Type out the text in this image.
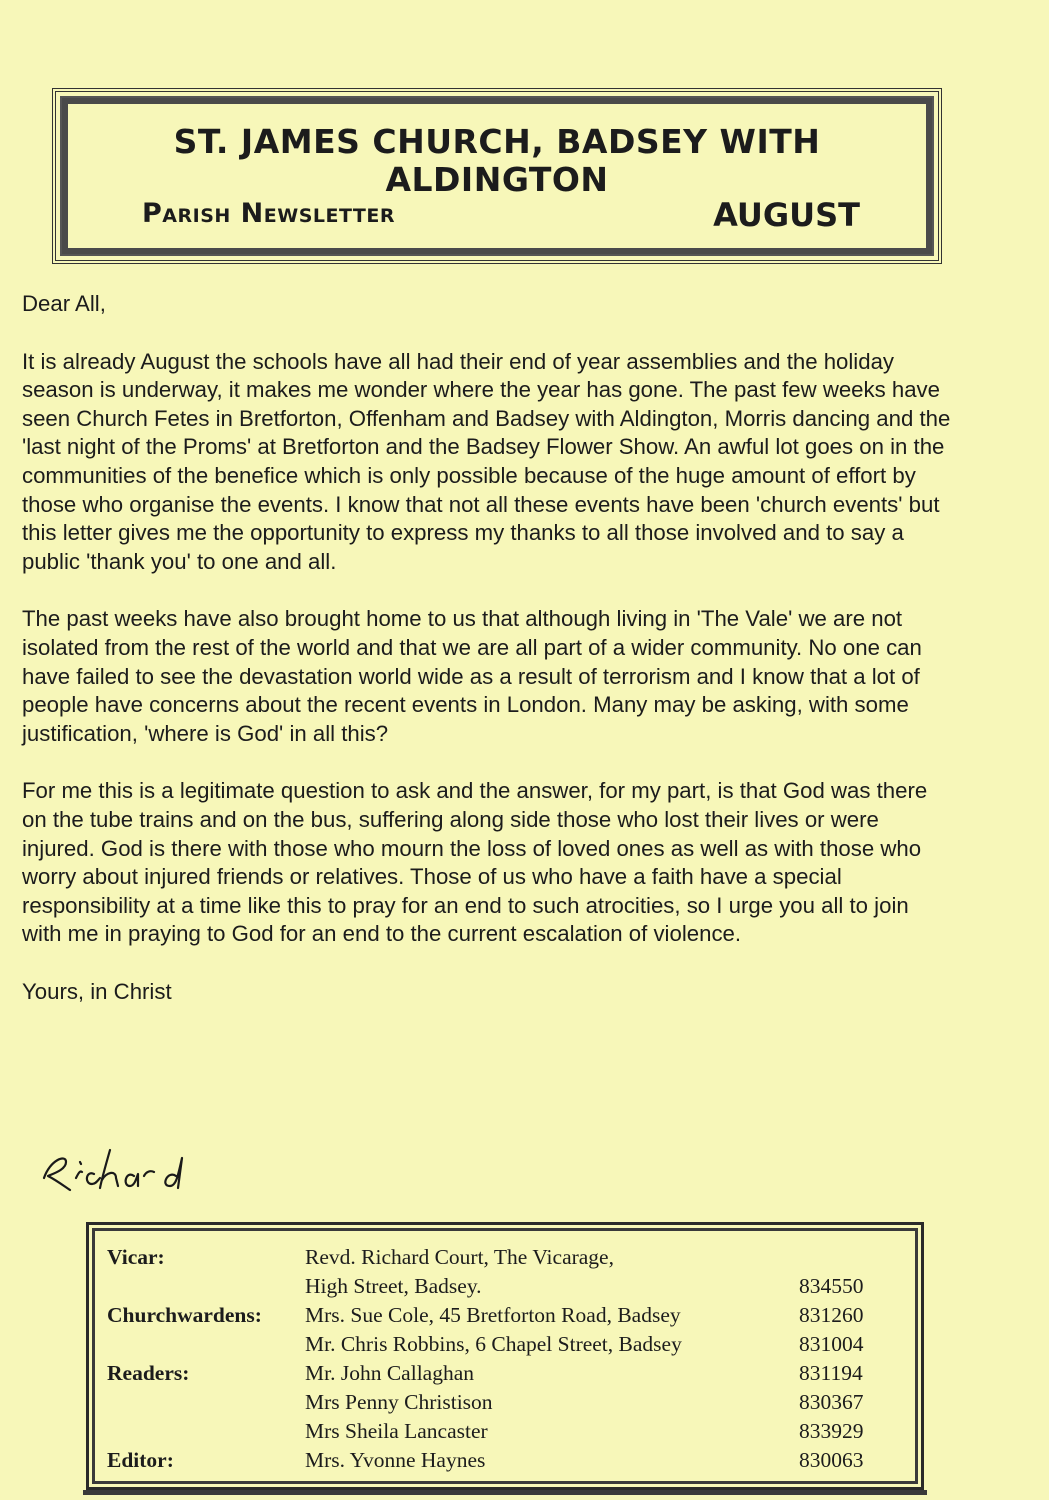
ST. JAMES CHURCH, BADSEY WITH
ALDINGTON
Parish Newsletter	AUGUST

Dear All,

It is already August the schools have all had their end of year assemblies and the holiday season is underway, it makes me wonder where the year has gone. The past few weeks have seen Church Fetes in Bretforton, Offenham and Badsey with Aldington, Morris dancing and the 'last night of the Proms' at Bretforton and the Badsey Flower Show. An awful lot goes on in the communities of the benefice which is only possible because of the huge amount of effort by those who organise the events. I know that not all these events have been 'church events' but this letter gives me the opportunity to express my thanks to all those involved and to say a public 'thank you' to one and all.

The past weeks have also brought home to us that although living in 'The Vale' we are not isolated from the rest of the world and that we are all part of a wider community. No one can have failed to see the devastation world wide as a result of terrorism and I know that a lot of people have concerns about the recent events in London. Many may be asking, with some justification, 'where is God' in all this?

For me this is a legitimate question to ask and the answer, for my part, is that God was there on the tube trains and on the bus, suffering along side those who lost their lives or were injured. God is there with those who mourn the loss of loved ones as well as with those who worry about injured friends or relatives. Those of us who have a faith have a special responsibility at a time like this to pray for an end to such atrocities, so I urge you all to join with me in praying to God for an end to the current escalation of violence.

Yours, in Christ

Vicar:	Revd. Richard Court, The Vicarage,	
	High Street, Badsey.	834550
Churchwardens:	Mrs. Sue Cole, 45 Bretforton Road, Badsey	831260
	Mr. Chris Robbins, 6 Chapel Street, Badsey	831004
Readers:	Mr. John Callaghan	831194
	Mrs Penny Christison	830367
	Mrs Sheila Lancaster	833929
Editor:	Mrs. Yvonne Haynes	830063
